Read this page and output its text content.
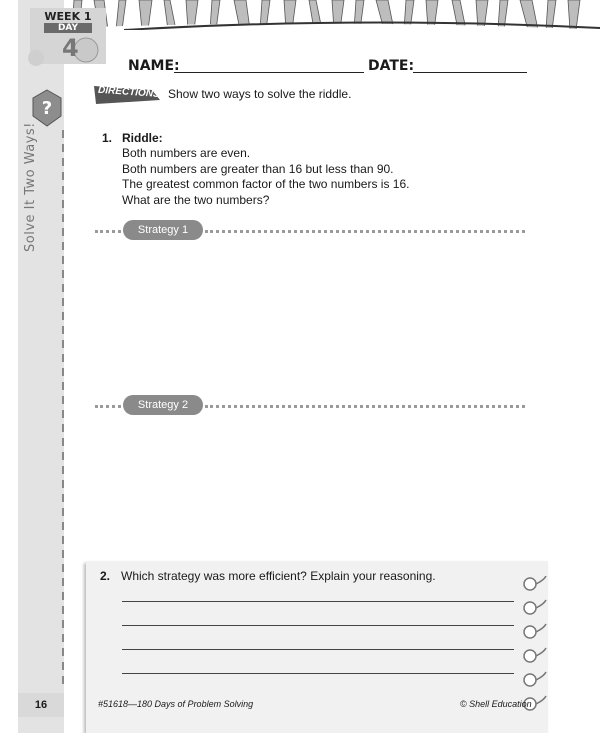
WEEK 1
DAY
4
?
Solve It Two Ways!
NAME:	DATE:
DIRECTIONS: Show two ways to solve the riddle.
1. Riddle:
Both numbers are even.
Both numbers are greater than 16 but less than 90.
The greatest common factor of the two numbers is 16.
What are the two numbers?
Strategy 1
Strategy 2
2. Which strategy was more efficient? Explain your reasoning.
16	#51618—180 Days of Problem Solving	© Shell Education
